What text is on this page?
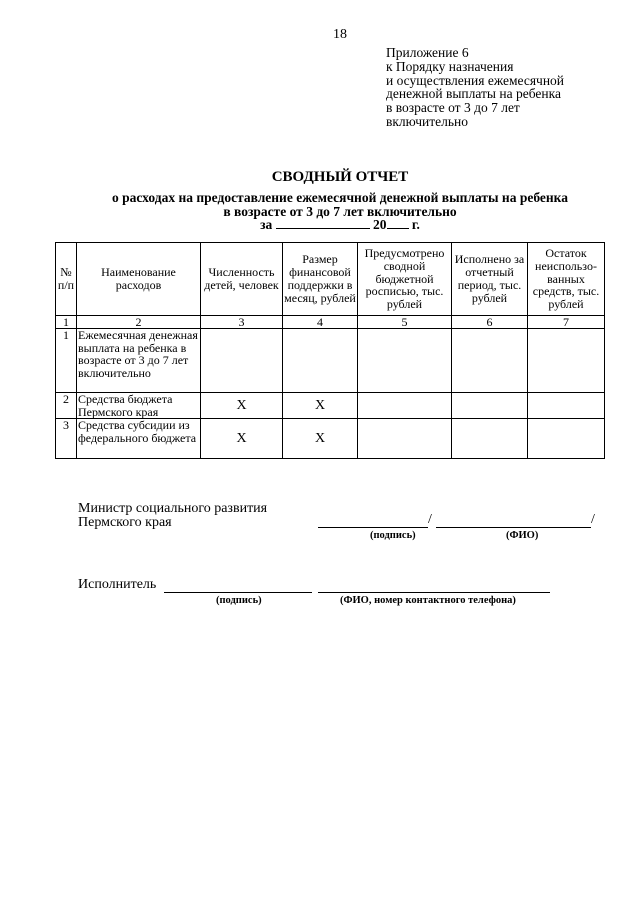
18
Приложение 6
к Порядку назначения
и осуществления ежемесячной
денежной выплаты на ребенка
в возрасте от 3 до 7 лет
включительно
СВОДНЫЙ ОТЧЕТ
о расходах на предоставление ежемесячной денежной выплаты на ребенка
в возрасте от 3 до 7 лет включительно
за	20 г.
№ п/п	Наименование расходов	Численность детей, человек	Размер финансовой поддержки в месяц, рублей	Предусмотрено сводной бюджетной росписью, тыс. рублей	Исполнено за отчетный период, тыс. рублей	Остаток неиспользо-ванных средств, тыс. рублей
1	2	3	4	5	6	7
1	Ежемесячная денежная выплата на ребенка в возрасте от 3 до 7 лет включительно					
2	Средства бюджета Пермского края	X	X			
3	Средства субсидии из федерального бюджета	X	X			
Министр социального развития
Пермского края	/	/
(подпись)	(ФИО)
Исполнитель
(подпись)	(ФИО, номер контактного телефона)
